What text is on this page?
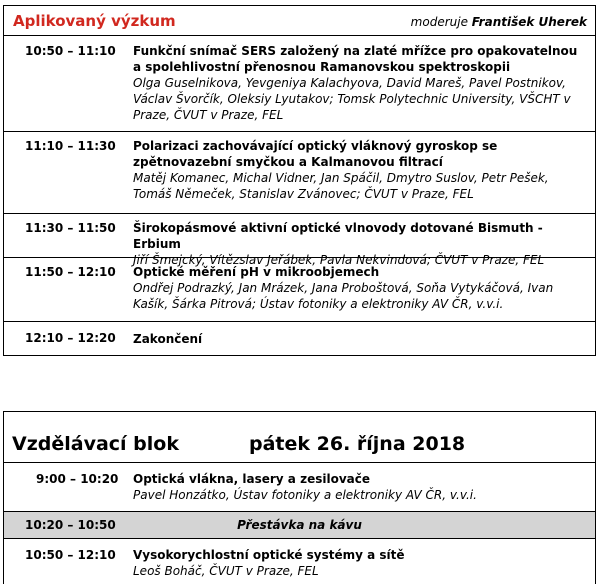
Aplikovaný výzkum	moderuje František Uherek
10:50 – 11:10 Funkční snímač SERS založený na zlaté mřížce pro opakovatelnou a spolehlivostní přenosnou Ramanovskou spektroskopii
Olga Guselnikova, Yevgeniya Kalachyova, David Mareš, Pavel Postnikov, Václav Švorčík, Oleksiy Lyutakov; Tomsk Polytechnic University, VŠCHT v Praze, ČVUT v Praze, FEL
11:10 – 11:30 Polarizaci zachovávající optický vláknový gyroskop se zpětnovazební smyčkou a Kalmanovou filtrací
Matěj Komanec, Michal Vidner, Jan Spáčil, Dmytro Suslov, Petr Pešek, Tomáš Němeček, Stanislav Zvánovec; ČVUT v Praze, FEL
11:30 – 11:50 Širokopásmové aktivní optické vlnovody dotované Bismuth - Erbium
Jiří Šmejcký, Vítězslav Jeřábek, Pavla Nekvindová; ČVUT v Praze, FEL
11:50 – 12:10 Optické měření pH v mikroobjemech
Ondřej Podrazký, Jan Mrázek, Jana Proboštová, Soňa Vytykáčová, Ivan Kašík, Šárka Pitrová; Ústav fotoniky a elektroniky AV ČR, v.v.i.
12:10 – 12:20 Zakončení
Vzdělávací blok	pátek 26. října 2018
9:00 – 10:20 Optická vlákna, lasery a zesilovače
Pavel Honzátko, Ústav fotoniky a elektroniky AV ČR, v.v.i.
10:20 – 10:50	Přestávka na kávu
10:50 – 12:10 Vysokorychlostní optické systémy a sítě
Leoš Boháč, ČVUT v Praze, FEL
